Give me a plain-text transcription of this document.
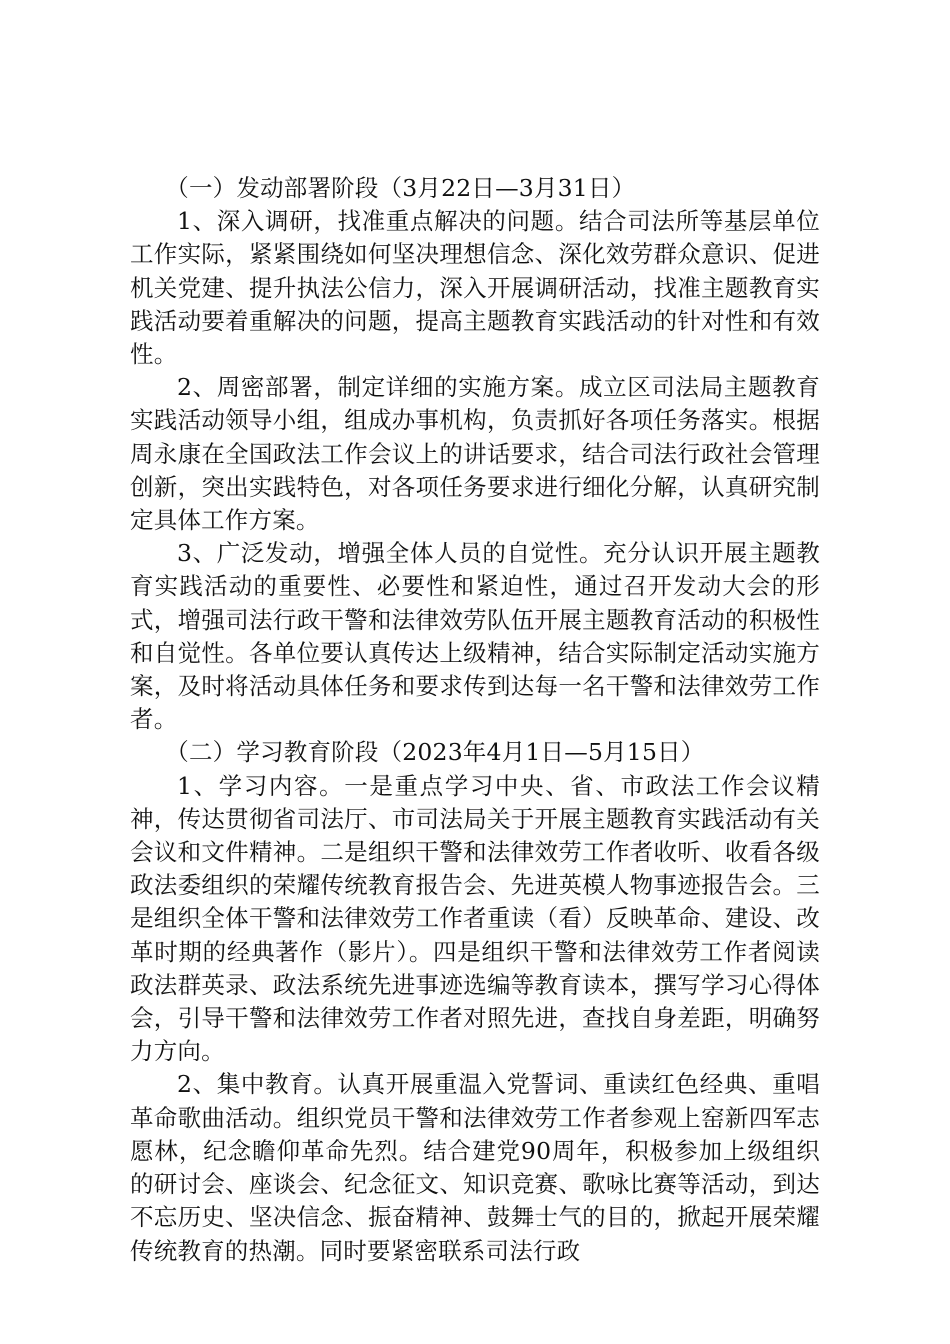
（一）发动部署阶段（3月22日—3月31日）

1、深入调研，找准重点解决的问题。结合司法所等基层单位工作实际，紧紧围绕如何坚决理想信念、深化效劳群众意识、促进机关党建、提升执法公信力，深入开展调研活动，找准主题教育实践活动要着重解决的问题，提高主题教育实践活动的针对性和有效性。

2、周密部署，制定详细的实施方案。成立区司法局主题教育实践活动领导小组，组成办事机构，负责抓好各项任务落实。根据周永康在全国政法工作会议上的讲话要求，结合司法行政社会管理创新，突出实践特色，对各项任务要求进行细化分解，认真研究制定具体工作方案。

3、广泛发动，增强全体人员的自觉性。充分认识开展主题教育实践活动的重要性、必要性和紧迫性，通过召开发动大会的形式，增强司法行政干警和法律效劳队伍开展主题教育活动的积极性和自觉性。各单位要认真传达上级精神，结合实际制定活动实施方案，及时将活动具体任务和要求传到达每一名干警和法律效劳工作者。

（二）学习教育阶段（2023年4月1日—5月15日）

1、学习内容。一是重点学习中央、省、市政法工作会议精神，传达贯彻省司法厅、市司法局关于开展主题教育实践活动有关会议和文件精神。二是组织干警和法律效劳工作者收听、收看各级政法委组织的荣耀传统教育报告会、先进英模人物事迹报告会。三是组织全体干警和法律效劳工作者重读（看）反映革命、建设、改革时期的经典著作（影片）。四是组织干警和法律效劳工作者阅读政法群英录、政法系统先进事迹选编等教育读本，撰写学习心得体会，引导干警和法律效劳工作者对照先进，查找自身差距，明确努力方向。

2、集中教育。认真开展重温入党誓词、重读红色经典、重唱革命歌曲活动。组织党员干警和法律效劳工作者参观上窑新四军志愿林，纪念瞻仰革命先烈。结合建党90周年，积极参加上级组织的研讨会、座谈会、纪念征文、知识竞赛、歌咏比赛等活动，到达不忘历史、坚决信念、振奋精神、鼓舞士气的目的，掀起开展荣耀传统教育的热潮。同时要紧密联系司法行政
